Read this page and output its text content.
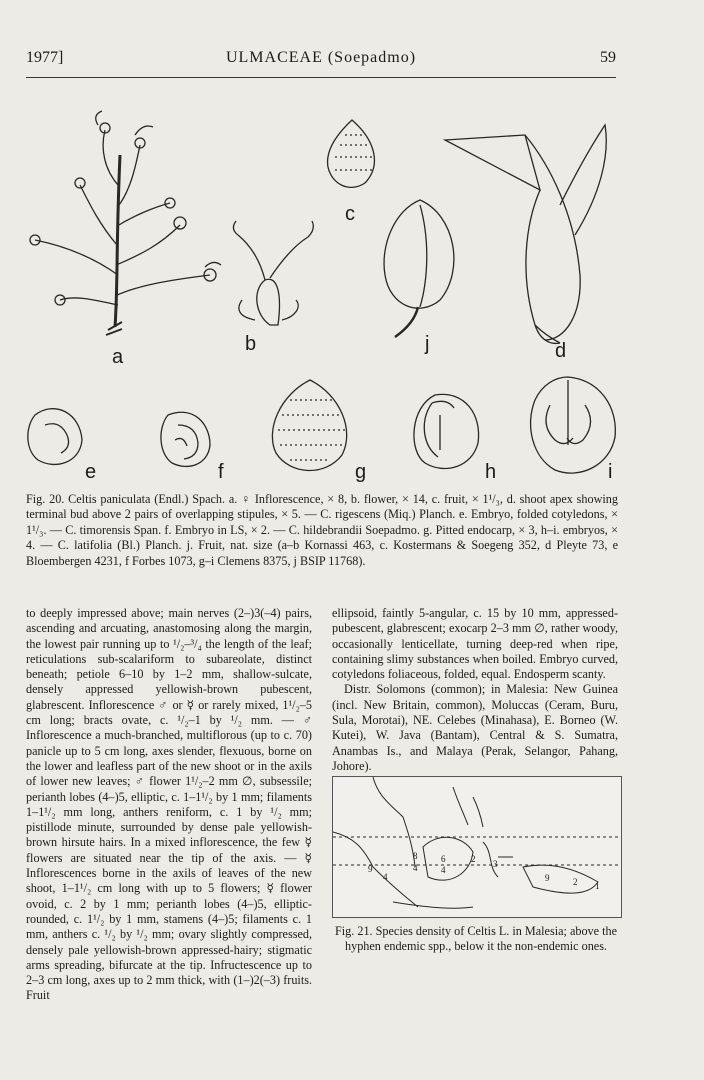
1977]	ULMACEAE (Soepadmo)	59
a
b
c
j	d
e	f	g	h	i

Fig. 20. Celtis paniculata (Endl.) Spach. a. ♀ Inflorescence, × 8, b. flower, × 14, c. fruit, × 1¹/₃, d. shoot apex showing terminal bud above 2 pairs of overlapping stipules, × 5. — C. rigescens (Miq.) Planch. e. Embryo, folded cotyledons, × 1¹/₃. — C. timorensis Span. f. Embryo in LS, × 2. — C. hildebrandii Soepadmo. g. Pitted endocarp, × 3, h–i. embryos, × 4. — C. latifolia (Bl.) Planch. j. Fruit, nat. size (a–b Kornassi 463, c. Kostermans & Soegeng 352, d Pleyte 73, e Bloembergen 4231, f Forbes 1073, g–i Clemens 8375, j BSIP 11768).

to deeply impressed above; main nerves (2–)3(–4) pairs, ascending and arcuating, anastomosing along the margin, the lowest pair running up to ¹/₂–³/₄ the length of the leaf; reticulations sub-scalariform to subareolate, distinct beneath; petiole 6–10 by 1–2 mm, shallow-sulcate, densely appressed yellowish-brown pubescent, glabrescent. Inflorescence ♂ or ☿ or rarely mixed, 1¹/₂–5 cm long; bracts ovate, c. ¹/₂–1 by ¹/₂ mm. — ♂ Inflorescence a much-branched, multiflorous (up to c. 70) panicle up to 5 cm long, axes slender, flexuous, borne on the lower and leafless part of the new shoot or in the axils of lower new leaves; ♂ flower 1¹/₂–2 mm ∅, subsessile; perianth lobes (4–)5, elliptic, c. 1–1¹/₂ by 1 mm; filaments 1–1¹/₂ mm long, anthers reniform, c. 1 by ¹/₂ mm; pistillode minute, surrounded by dense pale yellowish-brown hirsute hairs. In a mixed inflorescence, the few ☿ flowers are situated near the tip of the axis. — ☿ Inflorescences borne in the axils of leaves of the new shoot, 1–1¹/₂ cm long with up to 5 flowers; ☿ flower ovoid, c. 2 by 1 mm; perianth lobes (4–)5, elliptic-rounded, c. 1¹/₂ by 1 mm, stamens (4–)5; filaments c. 1 mm, anthers c. ¹/₂ by ¹/₂ mm; ovary slightly compressed, densely pale yellowish-brown appressed-hairy; stigmatic arms spreading, bifurcate at the tip. Infructescence up to 2–3 cm long, axes up to 2 mm thick, with (1–)2(–3) fruits. Fruit

ellipsoid, faintly 5-angular, c. 15 by 10 mm, appressed-pubescent, glabrescent; exocarp 2–3 mm ∅, rather woody, occasionally lenticellate, turning deep-red when ripe, containing slimy substances when boiled. Embryo curved, cotyledons foliaceous, folded, equal. Endosperm scanty.

Distr. Solomons (common); in Malesia: New Guinea (incl. New Britain, common), Moluccas (Ceram, Buru, Sula, Morotai), NE. Celebes (Minahasa), E. Borneo (W. Kutei), W. Java (Bantam), Central & S. Sumatra, Anambas Is., and Malaya (Perak, Selangor, Pahang, Johore).

9
4
8
4
6
4
2 3
9	2 1
Fig. 21. Species density of Celtis L. in Malesia; above the hyphen endemic spp., below it the non-endemic ones.
